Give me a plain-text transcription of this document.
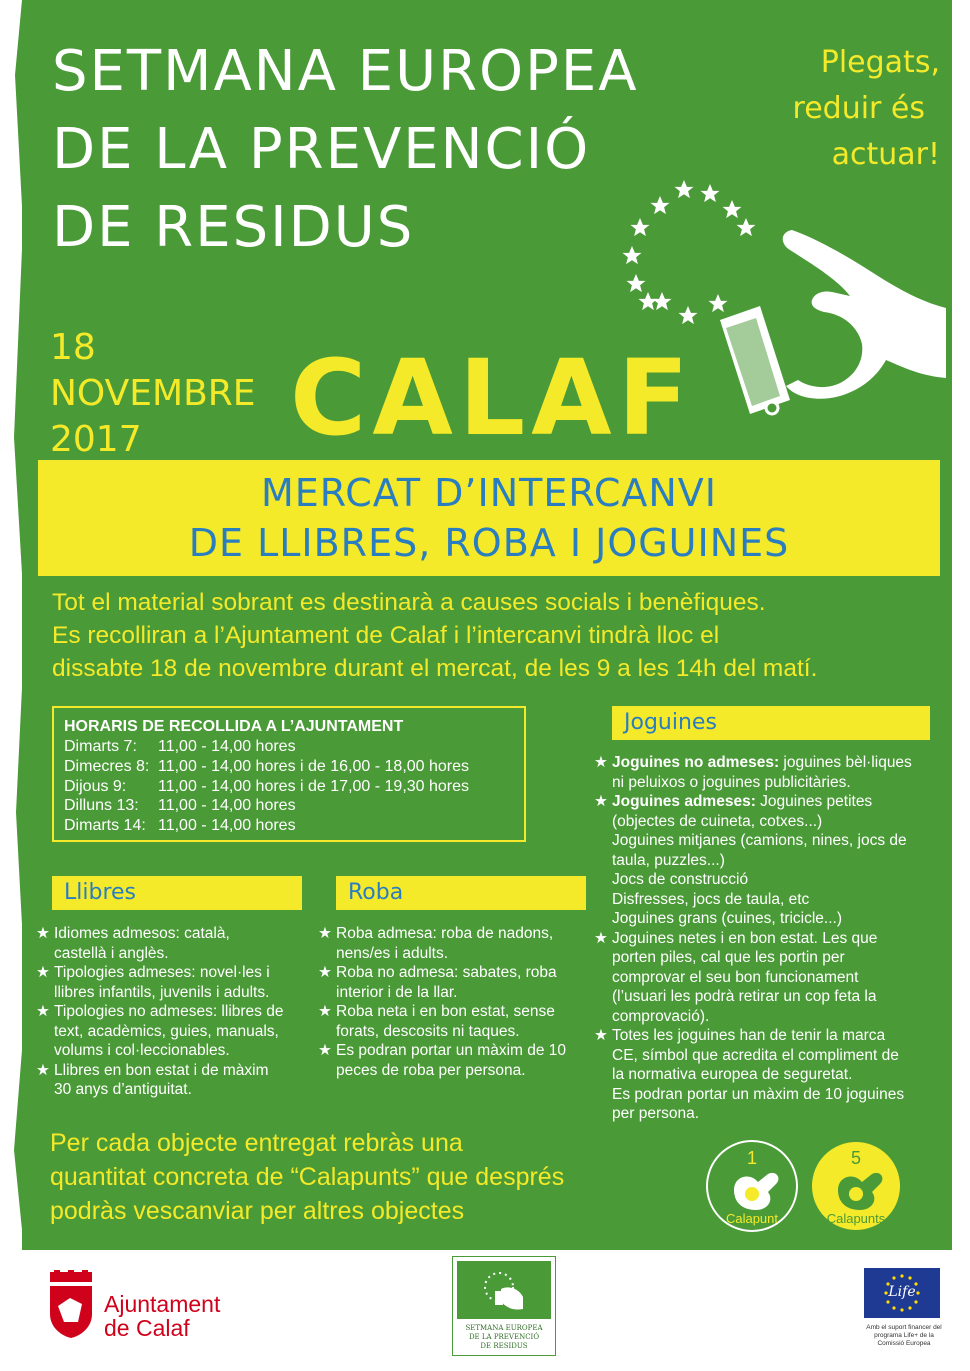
SETMANA EUROPEA
DE LA PREVENCIÓ
DE RESIDUS
Plegats,
reduir és
actuar!
18
NOVEMBRE
2017 CALAF
MERCAT D’INTERCANVI
DE LLIBRES, ROBA I JOGUINES
Tot el material sobrant es destinarà a causes socials i benèfiques.
Es recolliran a l’Ajuntament de Calaf i l’intercanvi tindrà lloc el
dissabte 18 de novembre durant el mercat, de les 9 a les 14h del matí.
HORARIS DE RECOLLIDA A L’AJUNTAMENT
Dimarts 7: 11,00 - 14,00 hores
Dimecres 8: 11,00 - 14,00 hores i de 16,00 - 18,00 hores
Dijous 9: 11,00 - 14,00 hores i de 17,00 - 19,30 hores
Dilluns 13: 11,00 - 14,00 hores
Dimarts 14: 11,00 - 14,00 hores
Llibres
★ Idiomes admesos: català,
castellà i anglès.
★ Tipologies admeses: novel·les i
llibres infantils, juvenils i adults.
★ Tipologies no admeses: llibres de
text, acadèmics, guies, manuals,
volums i col·leccionables.
★ Llibres en bon estat i de màxim
30 anys d’antiguitat.
Roba
★ Roba admesa: roba de nadons,
nens/es i adults.
★ Roba no admesa: sabates, roba
interior i de la llar.
★ Roba neta i en bon estat, sense
forats, descosits ni taques.
★ Es podran portar un màxim de 10
peces de roba per persona.
Joguines
★ Joguines no admeses: joguines bèl·liques
ni peluixos o joguines publicitàries.
★ Joguines admeses: Joguines petites
(objectes de cuineta, cotxes...)
Joguines mitjanes (camions, nines, jocs de
taula, puzzles...)
Jocs de construcció
Disfresses, jocs de taula, etc
Joguines grans (cuines, tricicle...)
★ Joguines netes i en bon estat. Les que
porten piles, cal que les portin per
comprovar el seu bon funcionament
(l’usuari les podrà retirar un cop feta la
comprovació).
★ Totes les joguines han de tenir la marca
CE, símbol que acredita el compliment de
la normativa europea de seguretat.
Es podran portar un màxim de 10 joguines
per persona.
Per cada objecte entregat rebràs una
quantitat concreta de “Calapunts” que després
podràs vescanviar per altres objectes
1
Calapunt
5
Calapunts
Ajuntament
de Calaf	SETMANA EUROPEA
DE LA PREVENCIÓ
DE RESIDUS
Life
Amb el suport financer del
programa Life+ de la
Comissió Europea
